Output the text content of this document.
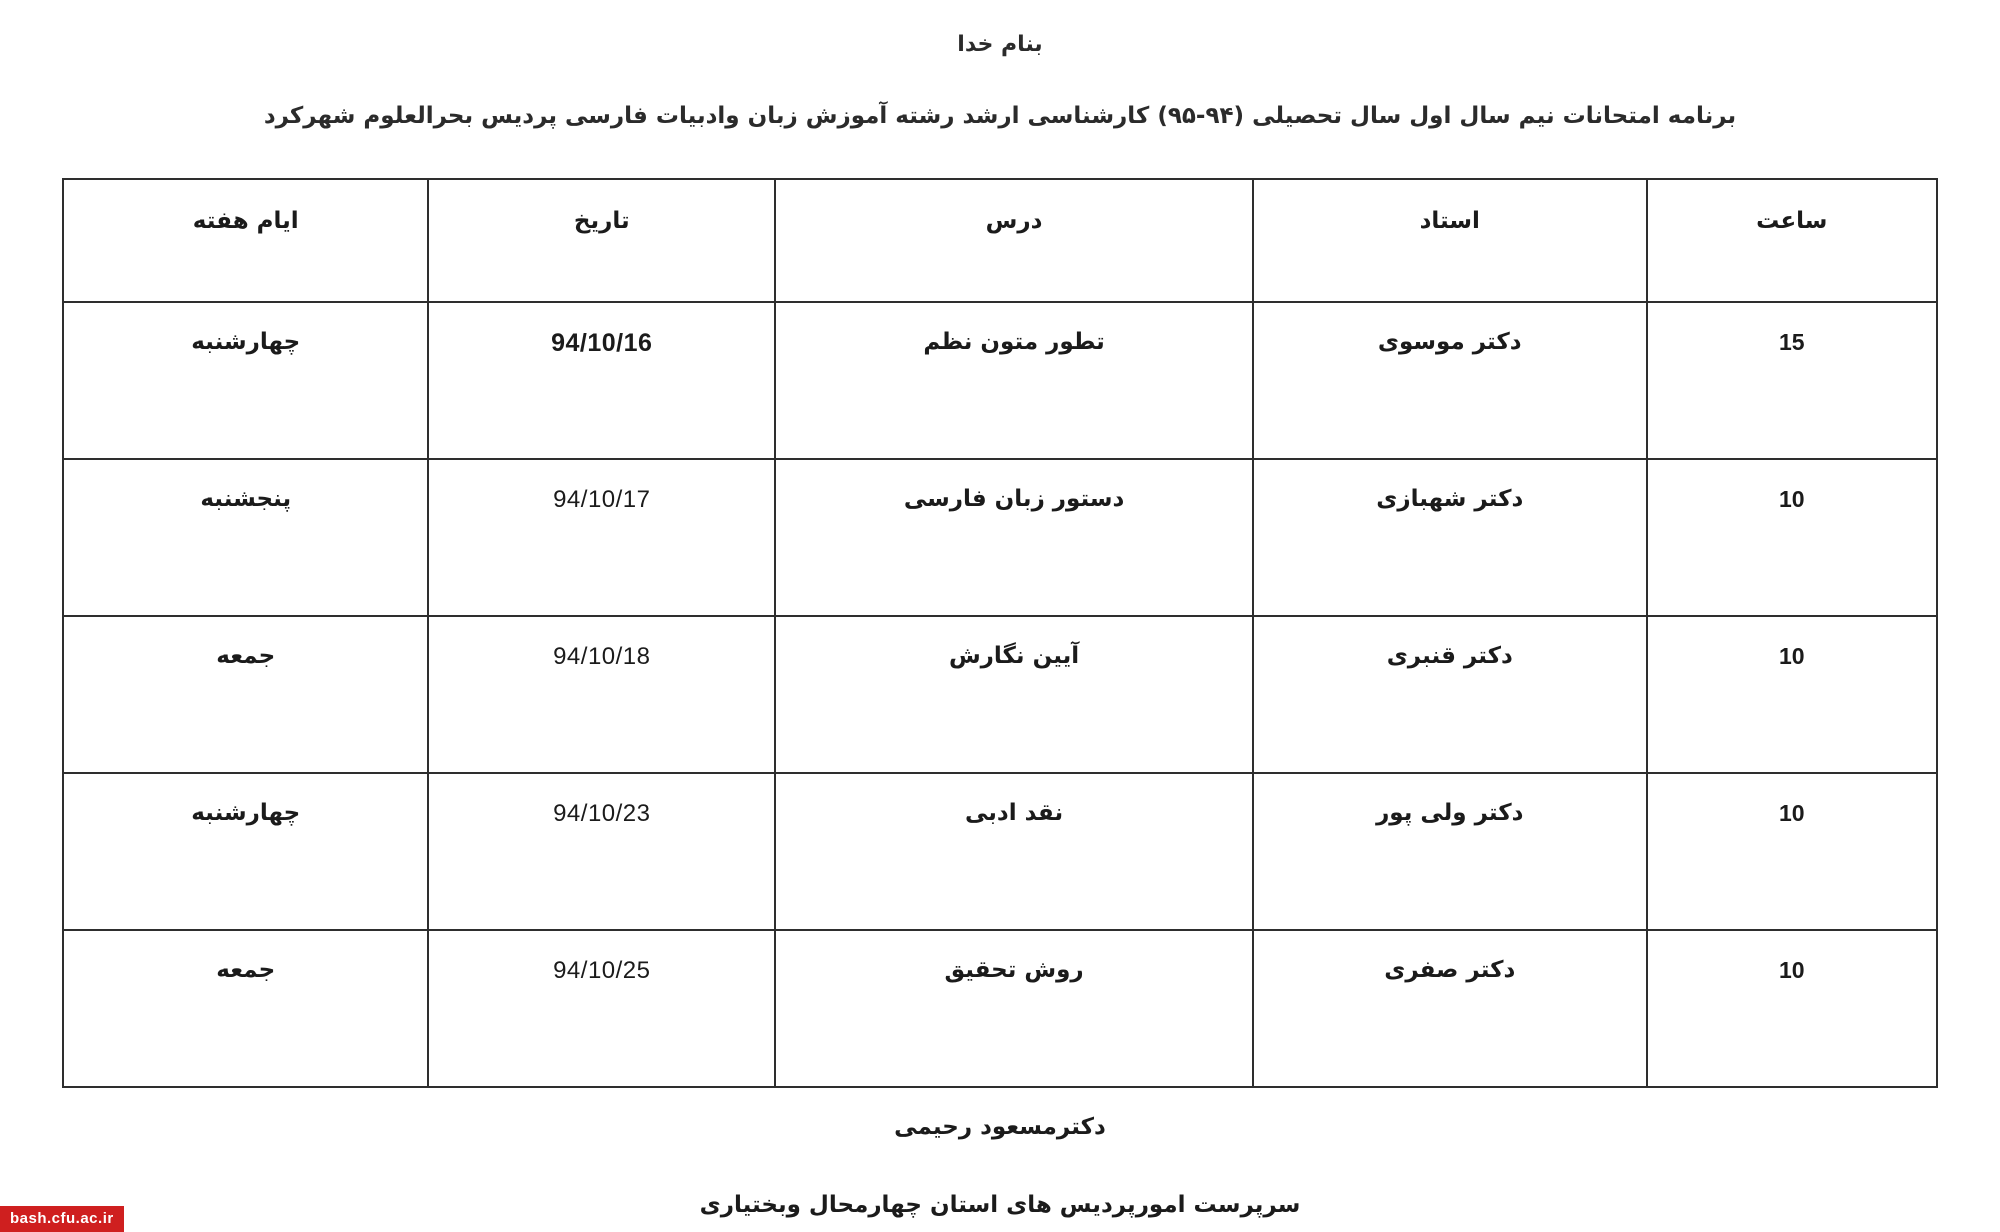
بنام خدا
برنامه امتحانات نیم سال اول سال تحصیلی (۹۴-۹۵) کارشناسی ارشد رشته آموزش زبان وادبیات فارسی پردیس بحرالعلوم شهرکرد
ساعت	استاد	درس	تاریخ	ایام هفته
15	دکتر موسوی	تطور متون نظم	94/10/16	چهارشنبه
10	دکتر شهبازی	دستور زبان فارسی	94/10/17	پنجشنبه
10	دکتر قنبری	آیین نگارش	94/10/18	جمعه
10	دکتر ولی پور	نقد ادبی	94/10/23	چهارشنبه
10	دکتر صفری	روش تحقیق	94/10/25	جمعه
دکترمسعود رحیمی
سرپرست امورپردیس های استان چهارمحال وبختیاری
bash.cfu.ac.ir
